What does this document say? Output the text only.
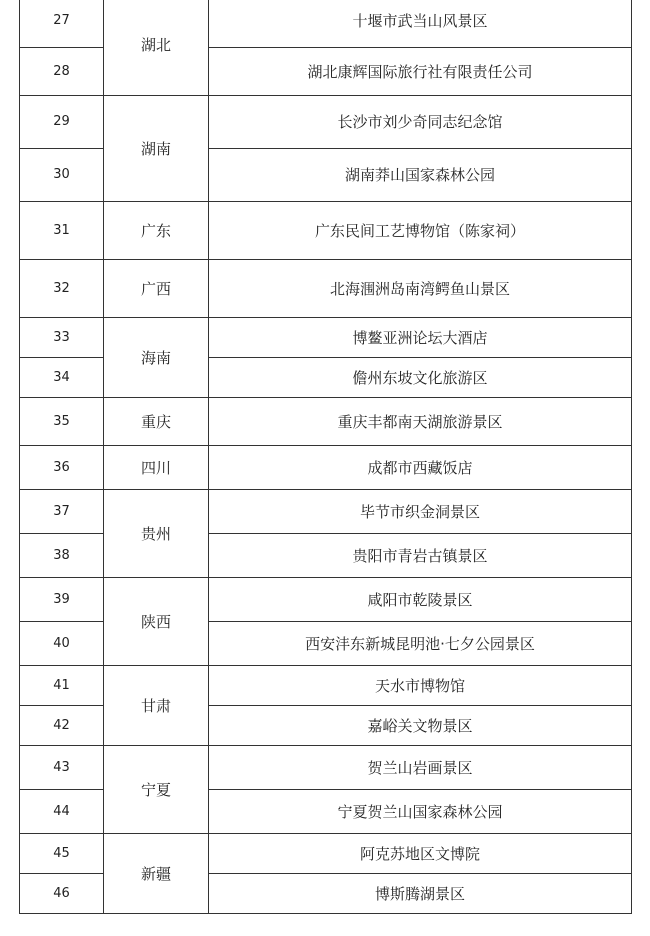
27	湖北	十堰市武当山风景区
28		湖北康辉国际旅行社有限责任公司
29	湖南	长沙市刘少奇同志纪念馆
30		湖南莽山国家森林公园
31	广东	广东民间工艺博物馆（陈家祠）
32	广西	北海涠洲岛南湾鳄鱼山景区
33	海南	博鳌亚洲论坛大酒店
34		儋州东坡文化旅游区
35	重庆	重庆丰都南天湖旅游景区
36	四川	成都市西藏饭店
37	贵州	毕节市织金洞景区
38		贵阳市青岩古镇景区
39	陕西	咸阳市乾陵景区
40		西安沣东新城昆明池·七夕公园景区
41	甘肃	天水市博物馆
42		嘉峪关文物景区
43	宁夏	贺兰山岩画景区
44		宁夏贺兰山国家森林公园
45	新疆	阿克苏地区文博院
46		博斯腾湖景区
